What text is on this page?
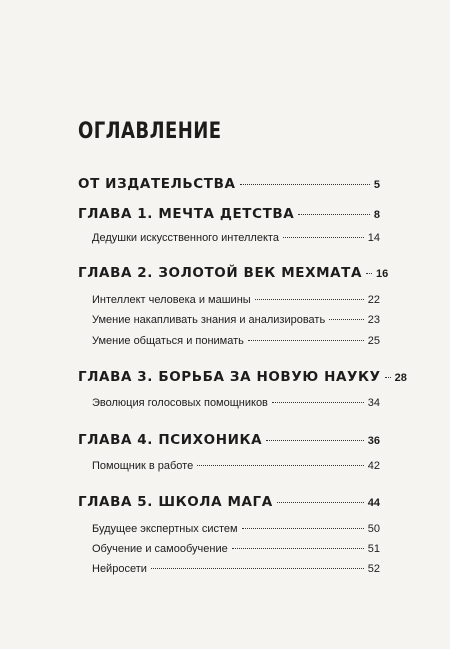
ОГЛАВЛЕНИЕ
ОТ ИЗДАТЕЛЬСТВА	5
ГЛАВА 1. МЕЧТА ДЕТСТВА	8
Дедушки искусственного интеллекта	14
ГЛАВА 2. ЗОЛОТОЙ ВЕК МЕХМАТА 16
Интеллект человека и машины	22
Умение накапливать знания и анализировать	23
Умение общаться и понимать	25
ГЛАВА 3. БОРЬБА ЗА НОВУЮ НАУКУ 28
Эволюция голосовых помощников	34
ГЛАВА 4. ПСИХОНИКА	36
Помощник в работе	42
ГЛАВА 5. ШКОЛА МАГА	44
Будущее экспертных систем	50
Обучение и самообучение	51
Нейросети	52
